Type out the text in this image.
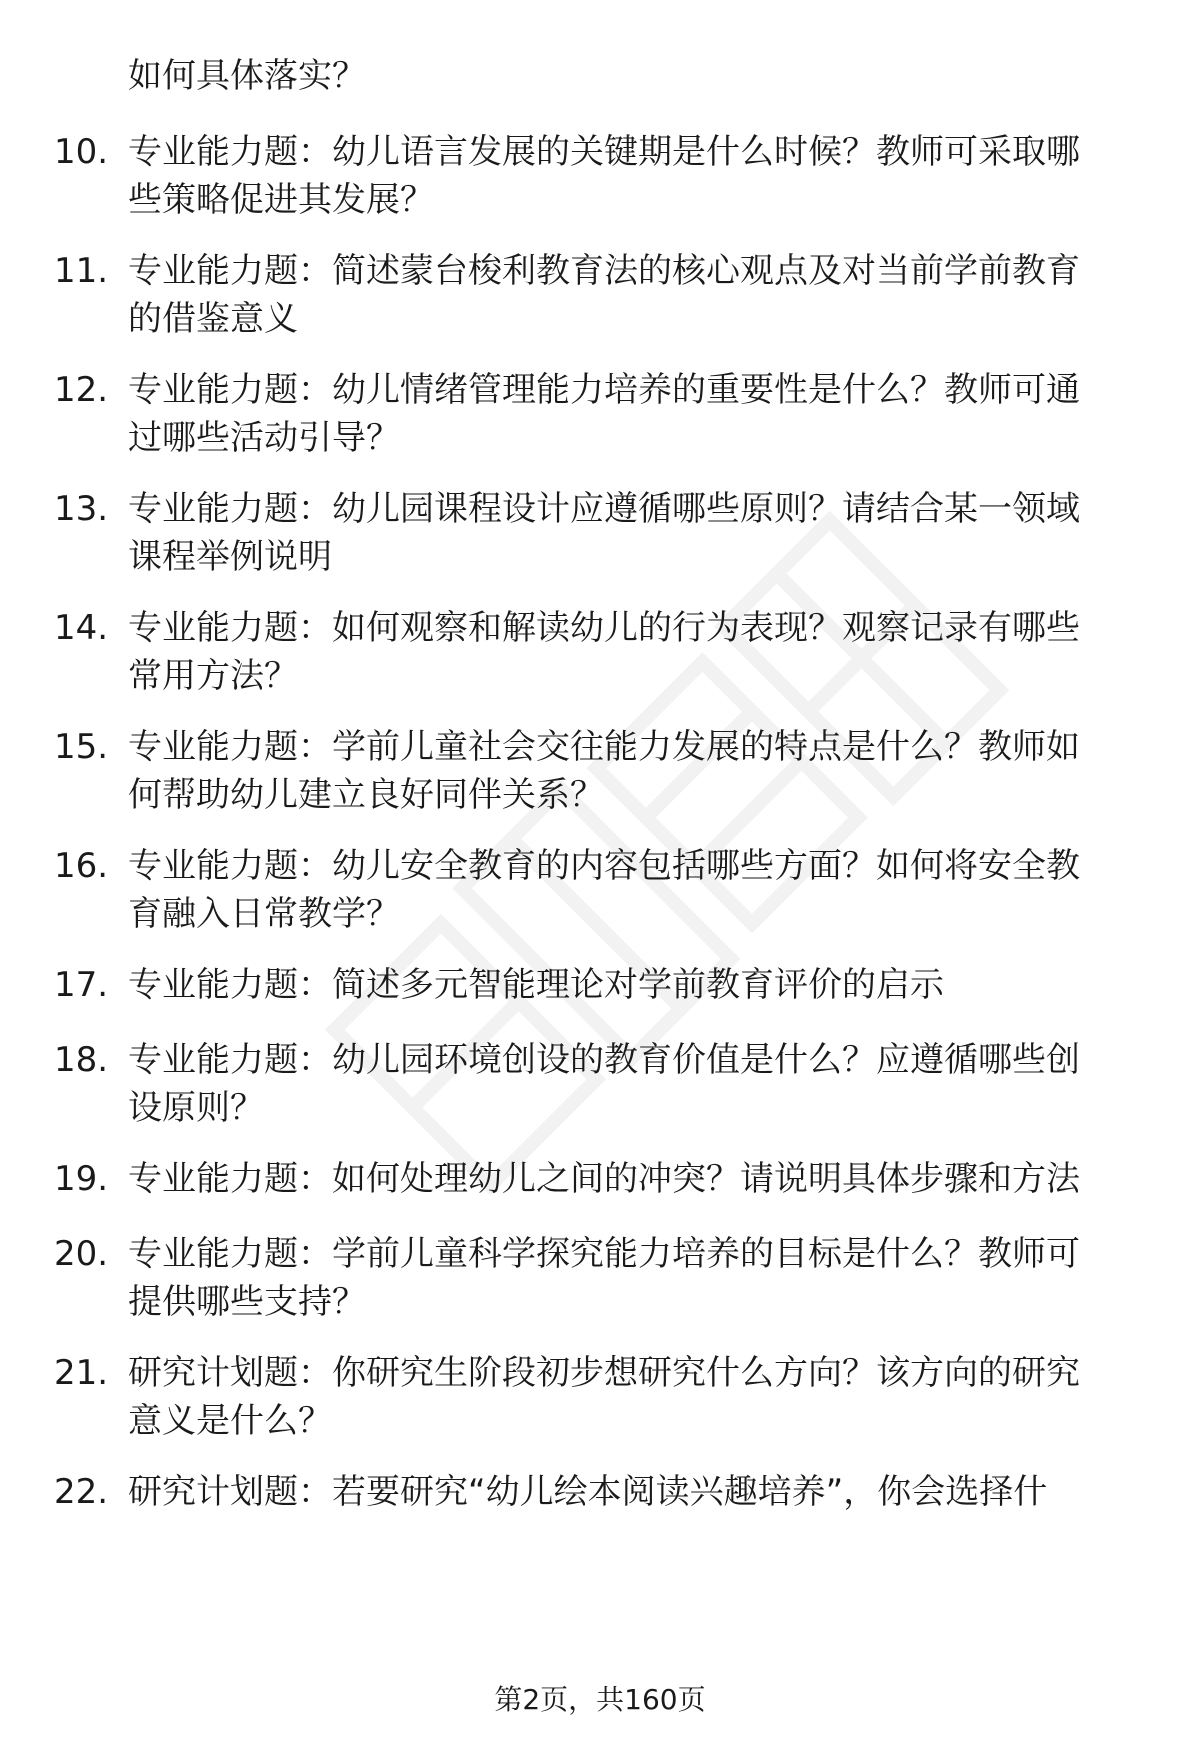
如何具体落实？
10. 专业能力题：幼儿语言发展的关键期是什么时候？教师可采取哪
些策略促进其发展？
11. 专业能力题：简述蒙台梭利教育法的核心观点及对当前学前教育
的借鉴意义
12. 专业能力题：幼儿情绪管理能力培养的重要性是什么？教师可通
过哪些活动引导？
13. 专业能力题：幼儿园课程设计应遵循哪些原则？请结合某一领域
课程举例说明
14. 专业能力题：如何观察和解读幼儿的行为表现？观察记录有哪些
常用方法？
15. 专业能力题：学前儿童社会交往能力发展的特点是什么？教师如
何帮助幼儿建立良好同伴关系？
16. 专业能力题：幼儿安全教育的内容包括哪些方面？如何将安全教
育融入日常教学？
17. 专业能力题：简述多元智能理论对学前教育评价的启示
18. 专业能力题：幼儿园环境创设的教育价值是什么？应遵循哪些创
设原则？
19. 专业能力题：如何处理幼儿之间的冲突？请说明具体步骤和方法
20. 专业能力题：学前儿童科学探究能力培养的目标是什么？教师可
提供哪些支持？
21. 研究计划题：你研究生阶段初步想研究什么方向？该方向的研究
意义是什么？
22. 研究计划题：若要研究“幼儿绘本阅读兴趣培养”，你会选择什
第2页，共160页
